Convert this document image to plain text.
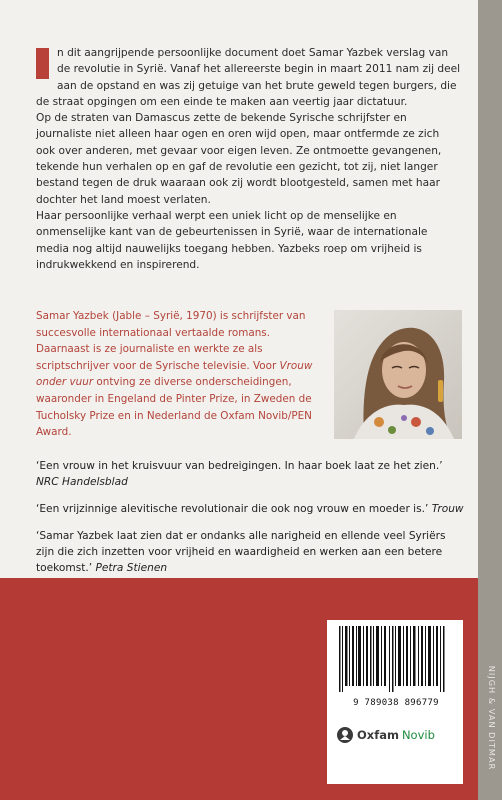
n dit aangrijpende persoonlijke document doet Samar Yazbek verslag van de revolutie in Syrië. Vanaf het allereerste begin in maart 2011 nam zij deel aan de opstand en was zij getuige van het brute geweld tegen burgers, die de straat opgingen om een einde te maken aan veertig jaar dictatuur.

Op de straten van Damascus zette de bekende Syrische schrijfster en journaliste niet alleen haar ogen en oren wijd open, maar ontfermde ze zich ook over anderen, met gevaar voor eigen leven. Ze ontmoette gevangenen, tekende hun verhalen op en gaf de revolutie een gezicht, tot zij, niet langer bestand tegen de druk waaraan ook zij wordt blootgesteld, samen met haar dochter het land moest verlaten.

Haar persoonlijke verhaal werpt een uniek licht op de menselijke en onmenselijke kant van de gebeurtenissen in Syrië, waar de internationale media nog altijd nauwelijks toegang hebben. Yazbeks roep om vrijheid is indrukwekkend en inspirerend.

Samar Yazbek (Jable – Syrië, 1970) is schrijfster van succesvolle internationaal vertaalde romans. Daarnaast is ze journaliste en werkte ze als scriptschrijver voor de Syrische televisie. Voor Vrouw onder vuur ontving ze diverse onderscheidingen, waaronder in Engeland de Pinter Prize, in Zweden de Tucholsky Prize en in Nederland de Oxfam Novib/PEN Award.

‘Een vrouw in het kruisvuur van bedreigingen. In haar boek laat ze het zien.’ NRC Handelsblad

‘Een vrijzinnige alevitische revolutionair die ook nog vrouw en moeder is.’ Trouw

‘Samar Yazbek laat zien dat er ondanks alle narigheid en ellende veel Syriërs zijn die zich inzetten voor vrijheid en waardigheid en werken aan een betere toekomst.’ Petra Stienen

9 789038 896779
Oxfam Novib	NIJGH & VAN DITMAR
